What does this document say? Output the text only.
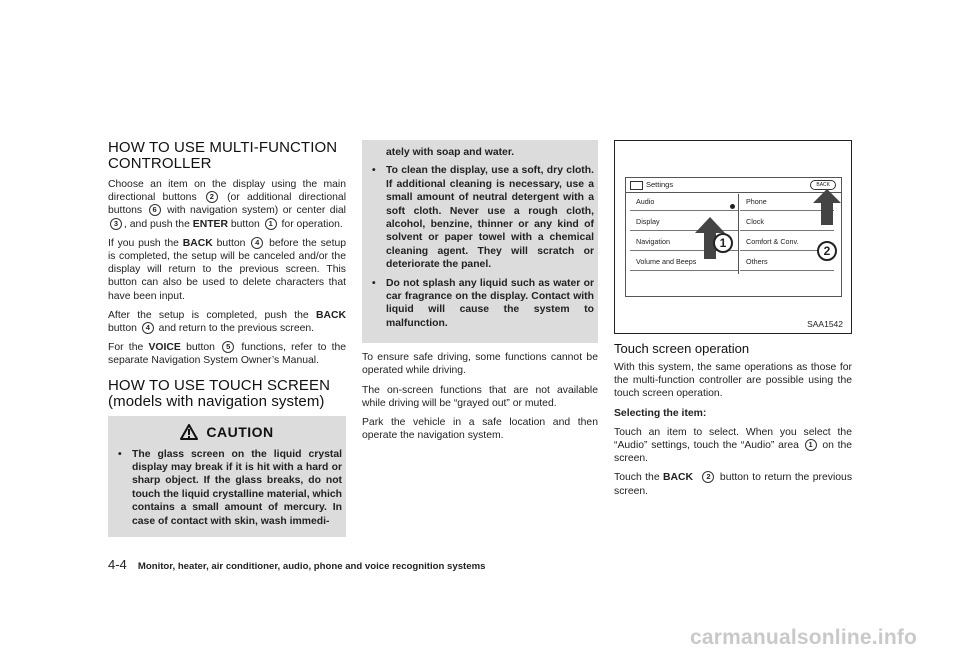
HOW TO USE MULTI-FUNCTION CONTROLLER

Choose an item on the display using the main directional buttons 2 (or additional directional buttons 6 with navigation system) or center dial 3 , and push the ENTER button 1 for operation.

If you push the BACK button 4 before the setup is completed, the setup will be canceled and/or the display will return to the previous screen. This button can also be used to delete characters that have been input.

After the setup is completed, push the BACK button 4 and return to the previous screen.

For the VOICE button 5 functions, refer to the separate Navigation System Owner’s Manual.

HOW TO USE TOUCH SCREEN (models with navigation system)
CAUTION
• The glass screen on the liquid crystal display may break if it is hit with a hard or sharp object. If the glass breaks, do not touch the liquid crystalline material, which contains a small amount of mercury. In case of contact with skin, wash immedi-
ately with soap and water.
• To clean the display, use a soft, dry cloth. If additional cleaning is necessary, use a small amount of neutral detergent with a soft cloth. Never use a rough cloth, alcohol, benzine, thinner or any kind of solvent or paper towel with a chemical cleaning agent. They will scratch or deteriorate the panel.
• Do not splash any liquid such as water or car fragrance on the display. Contact with liquid will cause the system to malfunction.

To ensure safe driving, some functions cannot be operated while driving.

The on-screen functions that are not available while driving will be “grayed out” or muted.

Park the vehicle in a safe location and then operate the navigation system.

Settings	BACK
Audio
Display
Navigation
Volume and Beeps
Phone
Clock
Comfort & Conv.
Others
1
2
SAA1542
Touch screen operation

With this system, the same operations as those for the multi-function controller are possible using the touch screen operation.

Selecting the item:

Touch an item to select. When you select the “Audio” settings, touch the “Audio” area 1 on the screen.

Touch the BACK 2 button to return the previous screen.

4-4 Monitor, heater, air conditioner, audio, phone and voice recognition systems
carmanualsonline.info
